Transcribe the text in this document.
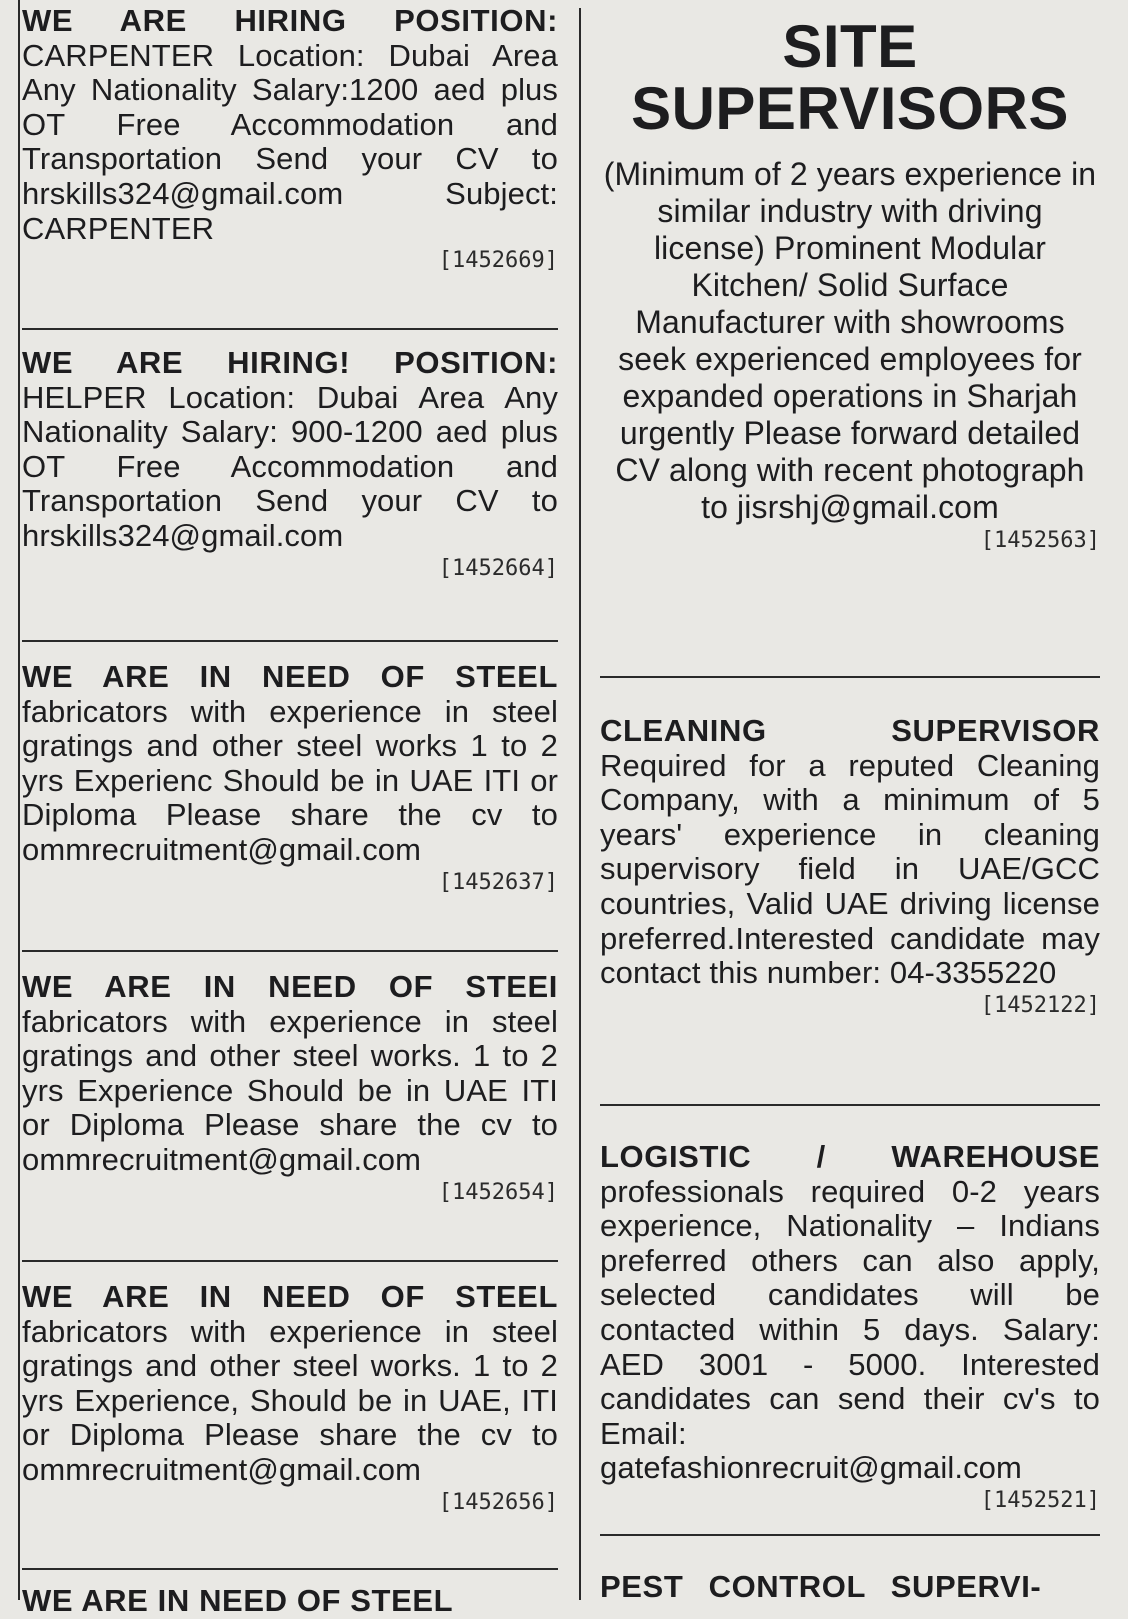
WE ARE HIRING POSITION: CARPENTER Location: Dubai Area Any Nationality Salary:1200 aed plus OT Free Accommodation and Transportation Send your CV to hrskills324@gmail.com Subject: CARPENTER

[1452669]

WE ARE HIRING! POSITION: HELPER Location: Dubai Area Any Nationality Salary: 900-1200 aed plus OT Free Accommodation and Transportation Send your CV to hrskills324@gmail.com

[1452664]

WE ARE IN NEED OF STEEL fabricators with experience in steel gratings and other steel works 1 to 2 yrs Experienc Should be in UAE ITI or Diploma Please share the cv to ommrecruitment@gmail.com

[1452637]

WE ARE IN NEED OF STEEI fabricators with experience in steel gratings and other steel works. 1 to 2 yrs Experience Should be in UAE ITI or Diploma Please share the cv to ommrecruitment@gmail.com

[1452654]

WE ARE IN NEED OF STEEL fabricators with experience in steel gratings and other steel works. 1 to 2 yrs Experience, Should be in UAE, ITI or Diploma Please share the cv to ommrecruitment@gmail.com

[1452656]

WE ARE IN NEED OF STEEL

SITE
SUPERVISORS

(Minimum of 2 years experience in similar industry with driving license) Prominent Modular Kitchen/ Solid Surface Manufacturer with showrooms seek experienced employees for expanded operations in Sharjah urgently Please forward detailed CV along with recent photograph to jisrshj@gmail.com

[1452563]

CLEANING SUPERVISOR Required for a reputed Cleaning Company, with a minimum of 5 years' experience in cleaning supervisory field in UAE/GCC countries, Valid UAE driving license preferred.Interested candidate may contact this number: 04-3355220

[1452122]

LOGISTIC / WAREHOUSE professionals required 0-2 years experience, Nationality – Indians preferred others can also apply, selected candidates will be contacted within 5 days. Salary: AED 3001 - 5000. Interested candidates can send their cv's to Email: gatefashionrecruit@gmail.com

[1452521]

PEST CONTROL SUPERVI-
